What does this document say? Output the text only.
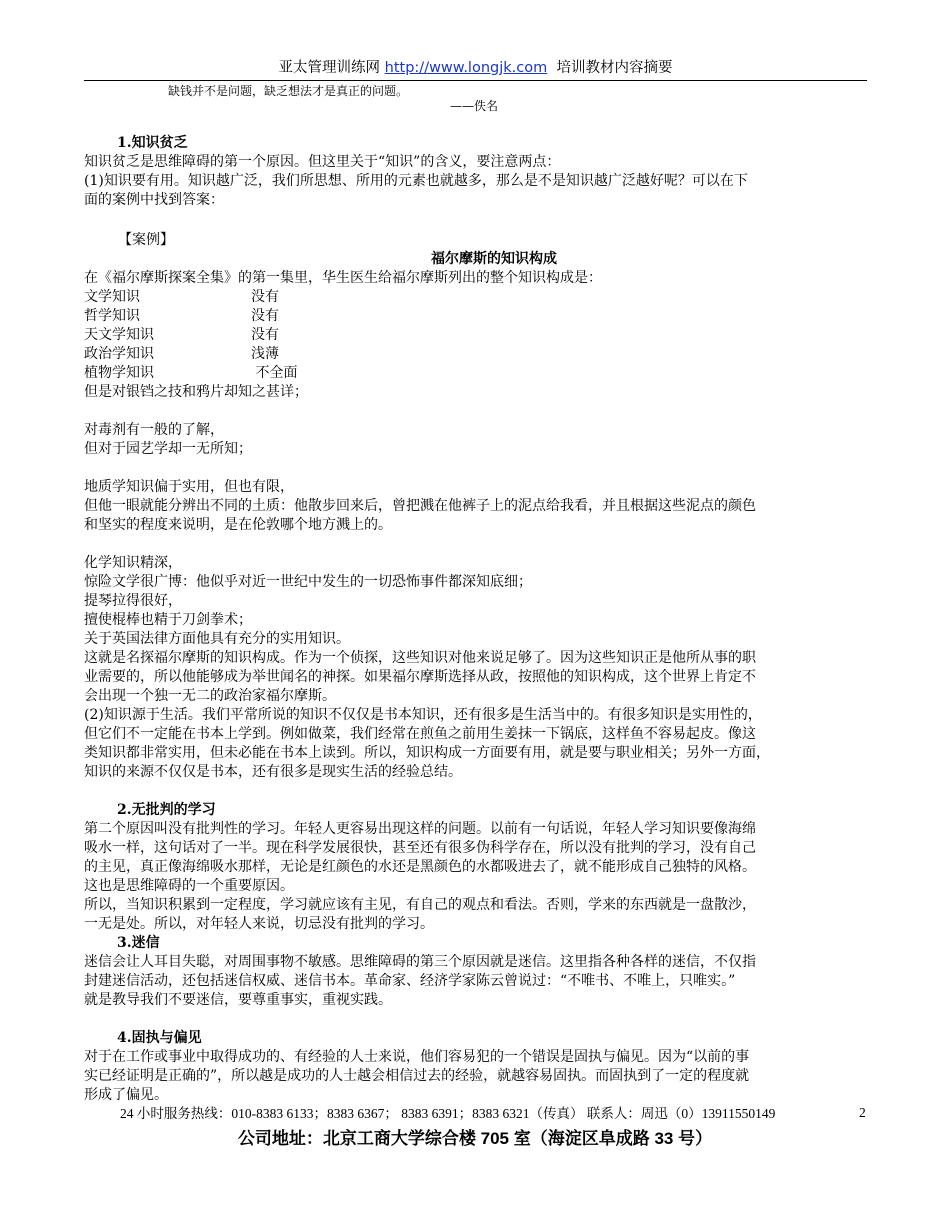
亚太管理训练网 http://www.longjk.com 培训教材内容摘要
缺钱并不是问题，缺乏想法才是真正的问题。
——佚名
1.知识贫乏
知识贫乏是思维障碍的第一个原因。但这里关于“知识”的含义，要注意两点：
(1)知识要有用。知识越广泛，我们所思想、所用的元素也就越多，那么是不是知识越广泛越好呢？可以在下
面的案例中找到答案：
【案例】
福尔摩斯的知识构成
在《福尔摩斯探案全集》的第一集里，华生医生给福尔摩斯列出的整个知识构成是：
文学知识	没有
哲学知识	没有
天文学知识	没有
政治学知识	浅薄
植物学知识	不全面
但是对银铛之技和鸦片却知之甚详；
对毒剂有一般的了解，
但对于园艺学却一无所知；
地质学知识偏于实用，但也有限，
但他一眼就能分辨出不同的土质：他散步回来后，曾把溅在他裤子上的泥点给我看，并且根据这些泥点的颜色
和坚实的程度来说明，是在伦敦哪个地方溅上的。
化学知识精深，
惊险文学很广博：他似乎对近一世纪中发生的一切恐怖事件都深知底细；
提琴拉得很好，
擅使棍棒也精于刀剑拳术；
关于英国法律方面他具有充分的实用知识。
这就是名探福尔摩斯的知识构成。作为一个侦探，这些知识对他来说足够了。因为这些知识正是他所从事的职
业需要的，所以他能够成为举世闻名的神探。如果福尔摩斯选择从政，按照他的知识构成，这个世界上肯定不
会出现一个独一无二的政治家福尔摩斯。
(2)知识源于生活。我们平常所说的知识不仅仅是书本知识，还有很多是生活当中的。有很多知识是实用性的，
但它们不一定能在书本上学到。例如做菜，我们经常在煎鱼之前用生姜抹一下锅底，这样鱼不容易起皮。像这
类知识都非常实用，但未必能在书本上读到。所以，知识构成一方面要有用，就是要与职业相关；另外一方面，
知识的来源不仅仅是书本，还有很多是现实生活的经验总结。
2.无批判的学习
第二个原因叫没有批判性的学习。年轻人更容易出现这样的问题。以前有一句话说，年轻人学习知识要像海绵
吸水一样，这句话对了一半。现在科学发展很快，甚至还有很多伪科学存在，所以没有批判的学习，没有自己
的主见，真正像海绵吸水那样，无论是红颜色的水还是黑颜色的水都吸进去了，就不能形成自己独特的风格。
这也是思维障碍的一个重要原因。
所以，当知识积累到一定程度，学习就应该有主见，有自己的观点和看法。否则，学来的东西就是一盘散沙，
一无是处。所以，对年轻人来说，切忌没有批判的学习。
3.迷信
迷信会让人耳目失聪，对周围事物不敏感。思维障碍的第三个原因就是迷信。这里指各种各样的迷信，不仅指
封建迷信活动，还包括迷信权威、迷信书本。革命家、经济学家陈云曾说过：“不唯书、不唯上，只唯实。”
就是教导我们不要迷信，要尊重事实，重视实践。
4.固执与偏见
对于在工作或事业中取得成功的、有经验的人士来说，他们容易犯的一个错误是固执与偏见。因为“以前的事
实已经证明是正确的”，所以越是成功的人士越会相信过去的经验，就越容易固执。而固执到了一定的程度就
形成了偏见。
24 小时服务热线：010-8383 6133；8383 6367； 8383 6391；8383 6321（传真） 联系人：周迅（0）13911550149	2
公司地址：北京工商大学综合楼 705 室（海淀区阜成路 33 号）
